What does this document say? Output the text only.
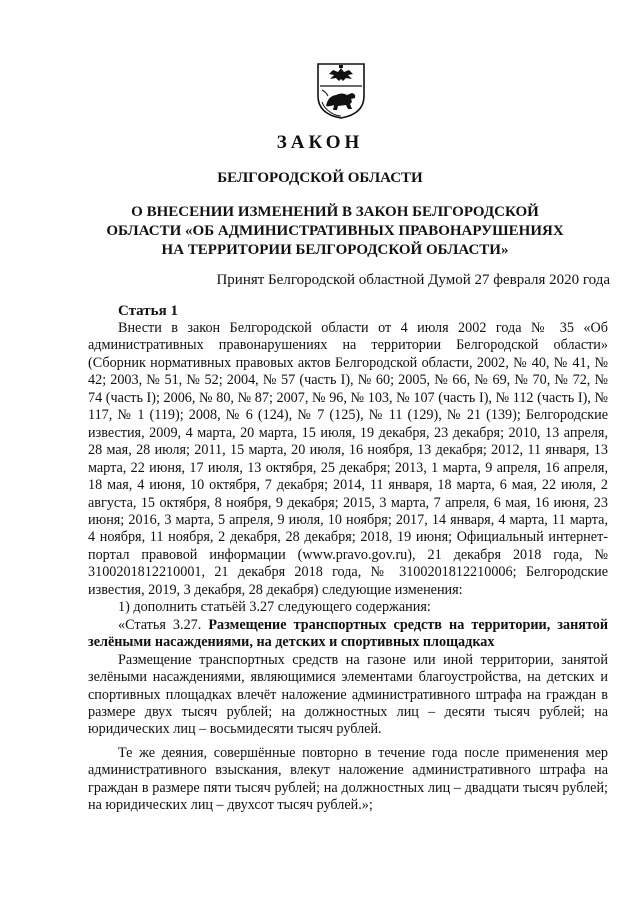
ЗАКОН
БЕЛГОРОДСКОЙ ОБЛАСТИ
О ВНЕСЕНИИ ИЗМЕНЕНИЙ В ЗАКОН БЕЛГОРОДСКОЙ ОБЛАСТИ «ОБ АДМИНИСТРАТИВНЫХ ПРАВОНАРУШЕНИЯХ НА ТЕРРИТОРИИ БЕЛГОРОДСКОЙ ОБЛАСТИ»

Принят Белгородской областной Думой 27 февраля 2020 года

Статья 1

Внести в закон Белгородской области от 4 июля 2002 года № 35 «Об административных правонарушениях на территории Белгородской области» (Сборник нормативных правовых актов Белгородской области, 2002, № 40, № 41, № 42; 2003, № 51, № 52; 2004, № 57 (часть I), № 60; 2005, № 66, № 69, № 70, № 72, № 74 (часть I); 2006, № 80, № 87; 2007, № 96, № 103, № 107 (часть I), № 112 (часть I), № 117, № 1 (119); 2008, № 6 (124), № 7 (125), № 11 (129), № 21 (139); Белгородские известия, 2009, 4 марта, 20 марта, 15 июля, 19 декабря, 23 декабря; 2010, 13 апреля, 28 мая, 28 июля; 2011, 15 марта, 20 июля, 16 ноября, 13 декабря; 2012, 11 января, 13 марта, 22 июня, 17 июля, 13 октября, 25 декабря; 2013, 1 марта, 9 апреля, 16 апреля, 18 мая, 4 июня, 10 октября, 7 декабря; 2014, 11 января, 18 марта, 6 мая, 22 июля, 2 августа, 15 октября, 8 ноября, 9 декабря; 2015, 3 марта, 7 апреля, 6 мая, 16 июня, 23 июня; 2016, 3 марта, 5 апреля, 9 июля, 10 ноября; 2017, 14 января, 4 марта, 11 марта, 4 ноября, 11 ноября, 2 декабря, 28 декабря; 2018, 19 июня; Официальный интернет-портал правовой информации (www.pravo.gov.ru), 21 декабря 2018 года, № 3100201812210001, 21 декабря 2018 года, № 3100201812210006; Белгородские известия, 2019, 3 декабря, 28 декабря) следующие изменения:

1) дополнить статьёй 3.27 следующего содержания:

«Статья 3.27. Размещение транспортных средств на территории, занятой зелёными насаждениями, на детских и спортивных площадках

Размещение транспортных средств на газоне или иной территории, занятой зелёными насаждениями, являющимися элементами благоустройства, на детских и спортивных площадках влечёт наложение административного штрафа на граждан в размере двух тысяч рублей; на должностных лиц – десяти тысяч рублей; на юридических лиц – восьмидесяти тысяч рублей.

Те же деяния, совершённые повторно в течение года после применения мер административного взыскания, влекут наложение административного штрафа на граждан в размере пяти тысяч рублей; на должностных лиц – двадцати тысяч рублей; на юридических лиц – двухсот тысяч рублей.»;
